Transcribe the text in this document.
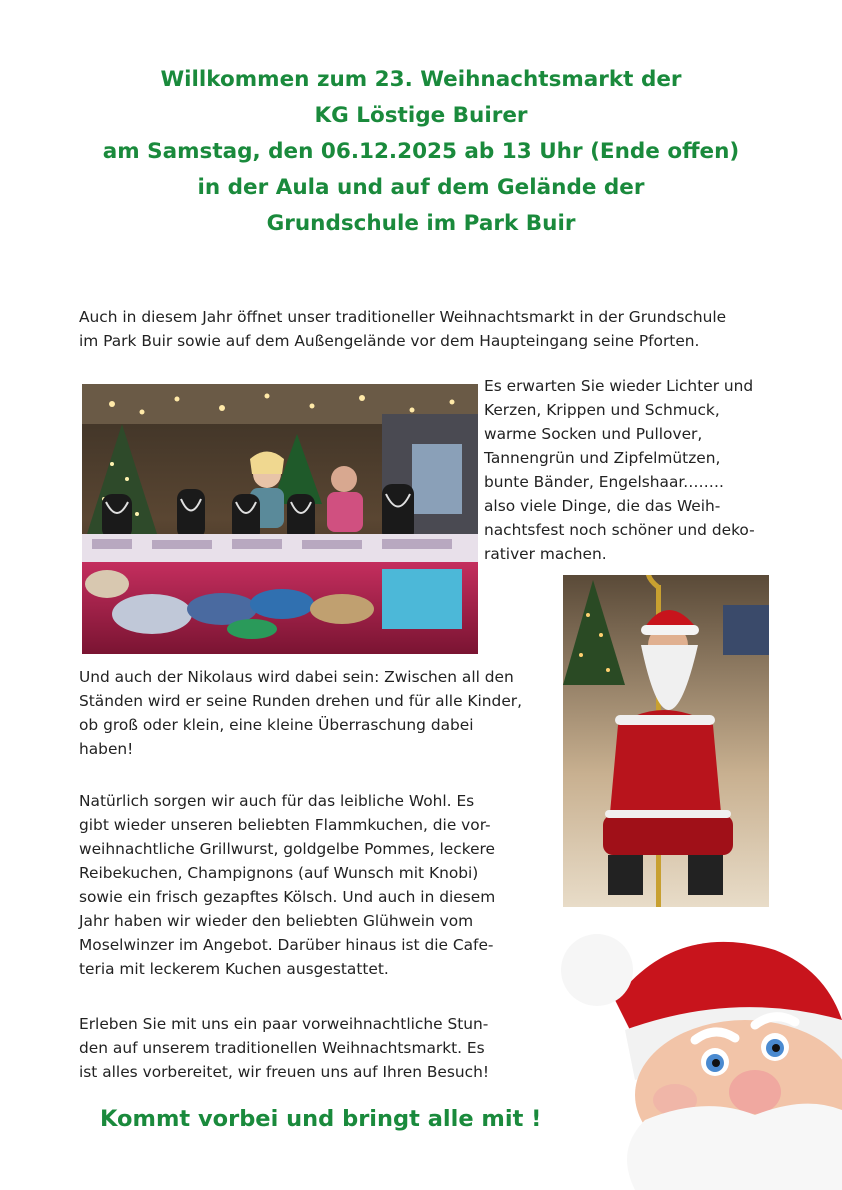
Willkommen zum 23. Weihnachtsmarkt der
KG Löstige Buirer
am Samstag, den 06.12.2025 ab 13 Uhr (Ende offen)
in der Aula und auf dem Gelände der
Grundschule im Park Buir
Auch in diesem Jahr öffnet unser traditioneller Weihnachtsmarkt in der Grundschule
im Park Buir sowie auf dem Außengelände vor dem Haupteingang seine Pforten.
Es erwarten Sie wieder Lichter und
Kerzen, Krippen und Schmuck,
warme Socken und Pullover,
Tannengrün und Zipfelmützen,
bunte Bänder, Engelshaar.…….
also viele Dinge, die das Weih-
nachtsfest noch schöner und deko-
rativer machen.
Und auch der Nikolaus wird dabei sein: Zwischen all den
Ständen wird er seine Runden drehen und für alle Kinder,
ob groß oder klein, eine kleine Überraschung dabei
haben!
Natürlich sorgen wir auch für das leibliche Wohl. Es
gibt wieder unseren beliebten Flammkuchen, die vor-
weihnachtliche Grillwurst, goldgelbe Pommes, leckere
Reibekuchen, Champignons (auf Wunsch mit Knobi)
sowie ein frisch gezapftes Kölsch. Und auch in diesem
Jahr haben wir wieder den beliebten Glühwein vom
Moselwinzer im Angebot. Darüber hinaus ist die Cafe-
teria mit leckerem Kuchen ausgestattet.
Erleben Sie mit uns ein paar vorweihnachtliche Stun-
den auf unserem traditionellen Weihnachtsmarkt. Es
ist alles vorbereitet, wir freuen uns auf Ihren Besuch!
Kommt vorbei und bringt alle mit !
